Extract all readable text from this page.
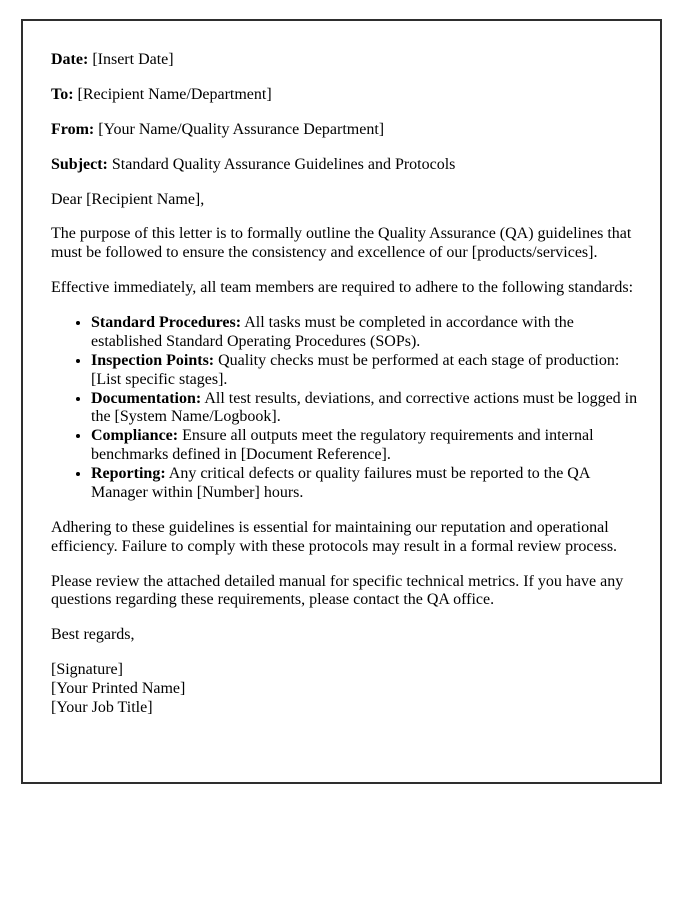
Date: [Insert Date]

To: [Recipient Name/Department]

From: [Your Name/Quality Assurance Department]

Subject: Standard Quality Assurance Guidelines and Protocols

Dear [Recipient Name],

The purpose of this letter is to formally outline the Quality Assurance (QA) guidelines that must be followed to ensure the consistency and excellence of our [products/services].

Effective immediately, all team members are required to adhere to the following standards:

• Standard Procedures: All tasks must be completed in accordance with the established Standard Operating Procedures (SOPs).
• Inspection Points: Quality checks must be performed at each stage of production: [List specific stages].
• Documentation: All test results, deviations, and corrective actions must be logged in the [System Name/Logbook].
• Compliance: Ensure all outputs meet the regulatory requirements and internal benchmarks defined in [Document Reference].
• Reporting: Any critical defects or quality failures must be reported to the QA Manager within [Number] hours.

Adhering to these guidelines is essential for maintaining our reputation and operational efficiency. Failure to comply with these protocols may result in a formal review process.

Please review the attached detailed manual for specific technical metrics. If you have any questions regarding these requirements, please contact the QA office.

Best regards,

[Signature]
[Your Printed Name]
[Your Job Title]
